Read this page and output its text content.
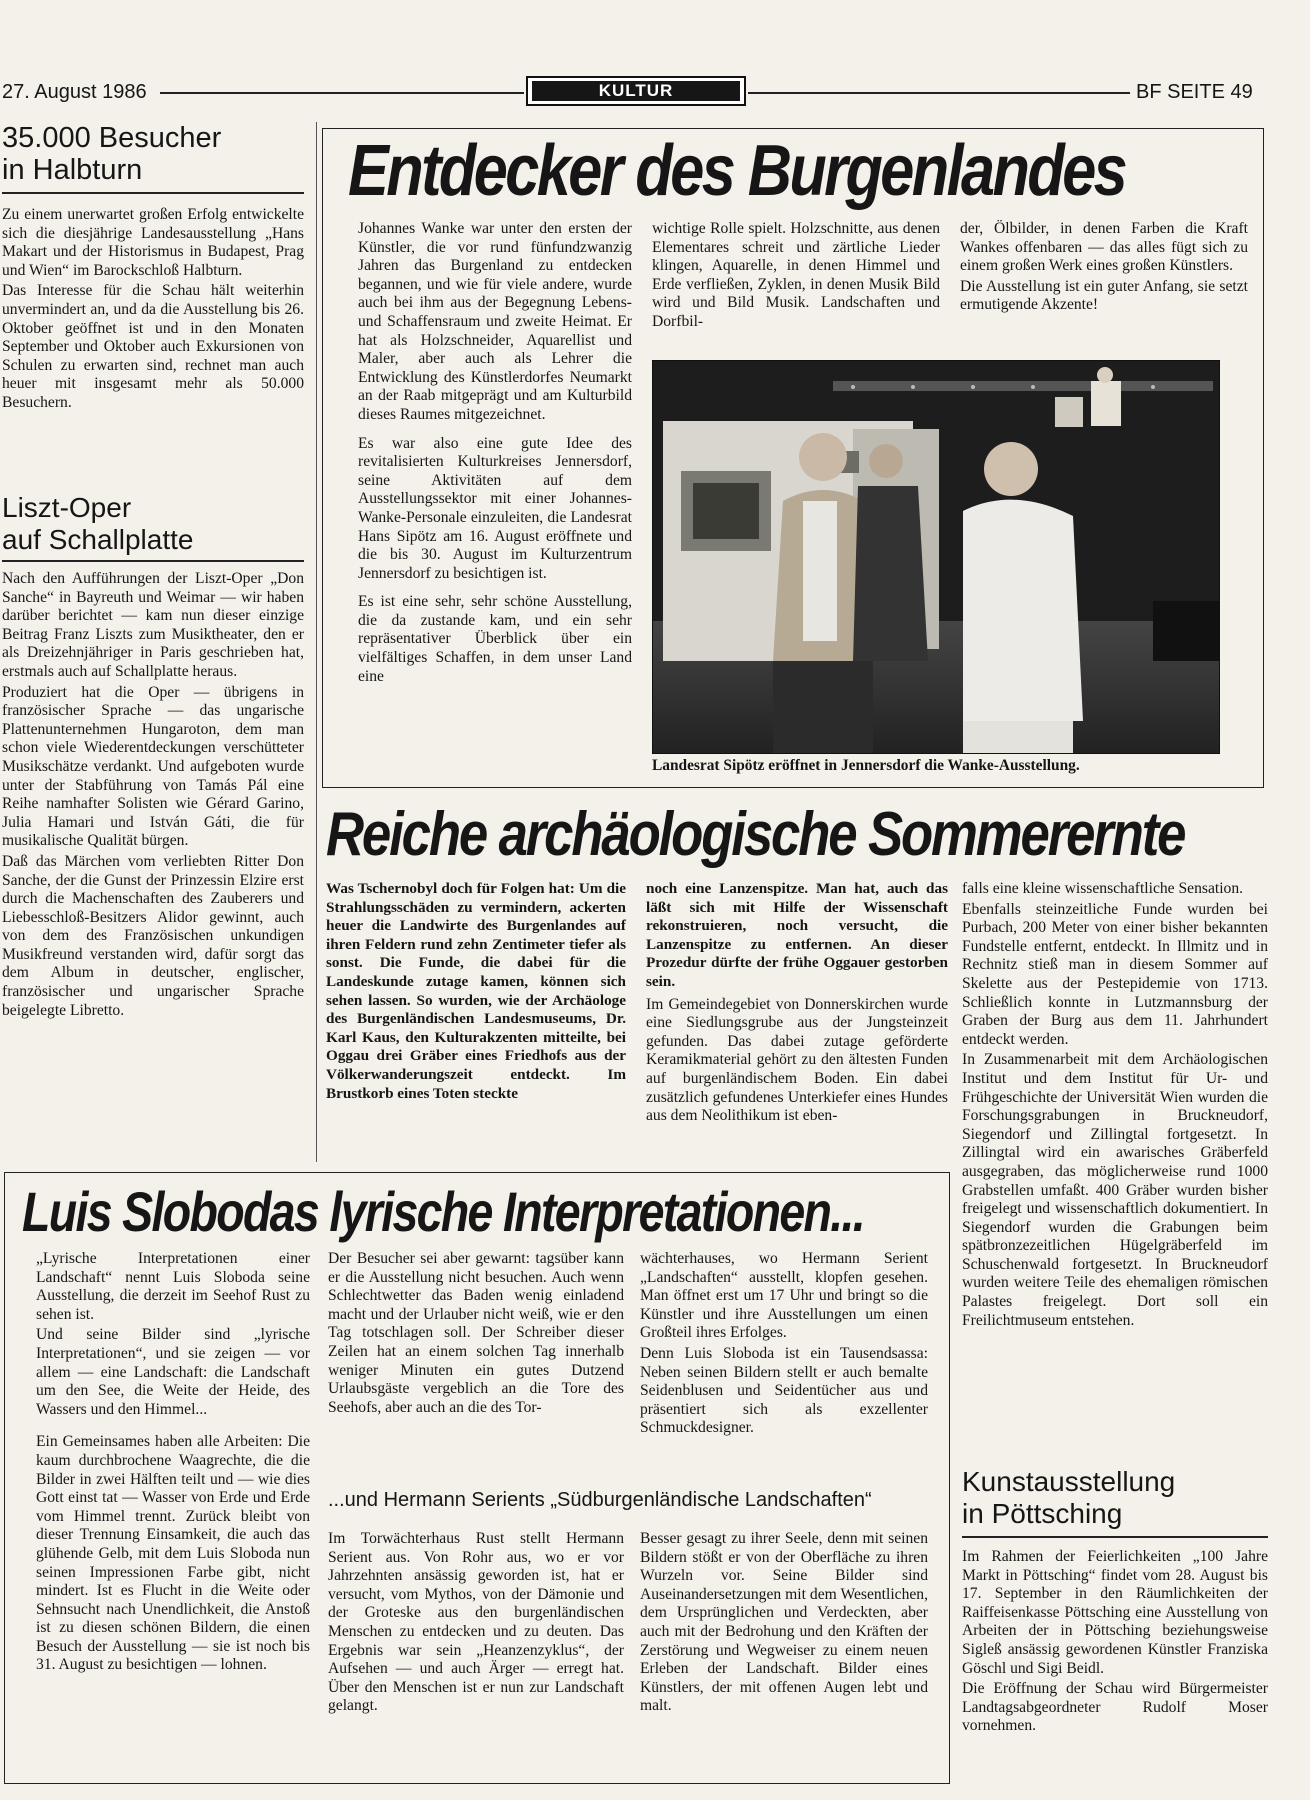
27. August 1986	KULTUR	BF SEITE 49
35.000 Besucher
in Halbturn

Zu einem unerwartet großen Erfolg entwickelte sich die diesjährige Landesausstellung „Hans Makart und der Historismus in Budapest, Prag und Wien“ im Barockschloß Halbturn.

Das Interesse für die Schau hält weiterhin unvermindert an, und da die Ausstellung bis 26. Oktober geöffnet ist und in den Monaten September und Oktober auch Exkursionen von Schulen zu erwarten sind, rechnet man auch heuer mit insgesamt mehr als 50.000 Besuchern.

Liszt-Oper
auf Schallplatte

Nach den Aufführungen der Liszt-Oper „Don Sanche“ in Bayreuth und Weimar — wir haben darüber berichtet — kam nun dieser einzige Beitrag Franz Liszts zum Musiktheater, den er als Dreizehnjähriger in Paris geschrieben hat, erstmals auch auf Schallplatte heraus.

Produziert hat die Oper — übrigens in französischer Sprache — das ungarische Plattenunternehmen Hungaroton, dem man schon viele Wiederentdeckungen verschütteter Musikschätze verdankt. Und aufgeboten wurde unter der Stabführung von Tamás Pál eine Reihe namhafter Solisten wie Gérard Garino, Julia Hamari und István Gáti, die für musikalische Qualität bürgen.

Daß das Märchen vom verliebten Ritter Don Sanche, der die Gunst der Prinzessin Elzire erst durch die Machenschaften des Zauberers und Liebesschloß-Besitzers Alidor gewinnt, auch von dem des Französischen unkundigen Musikfreund verstanden wird, dafür sorgt das dem Album in deutscher, englischer, französischer und ungarischer Sprache beigelegte Libretto.

Entdecker des Burgenlandes

Johannes Wanke war unter den ersten der Künstler, die vor rund fünfundzwanzig Jahren das Burgenland zu entdecken begannen, und wie für viele andere, wurde auch bei ihm aus der Begegnung Lebens- und Schaffensraum und zweite Heimat. Er hat als Holzschneider, Aquarellist und Maler, aber auch als Lehrer die Entwicklung des Künstlerdorfes Neumarkt an der Raab mitgeprägt und am Kulturbild dieses Raumes mitgezeichnet.

Es war also eine gute Idee des revitalisierten Kulturkreises Jennersdorf, seine Aktivitäten auf dem Ausstellungssektor mit einer Johannes-Wanke-Personale einzuleiten, die Landesrat Hans Sipötz am 16. August eröffnete und die bis 30. August im Kulturzentrum Jennersdorf zu besichtigen ist.

Es ist eine sehr, sehr schöne Ausstellung, die da zustande kam, und ein sehr repräsentativer Überblick über ein vielfältiges Schaffen, in dem unser Land eine

wichtige Rolle spielt. Holzschnitte, aus denen Elementares schreit und zärtliche Lieder klingen, Aquarelle, in denen Himmel und Erde verfließen, Zyklen, in denen Musik Bild wird und Bild Musik. Landschaften und Dorfbil-

der, Ölbilder, in denen Farben die Kraft Wankes offenbaren — das alles fügt sich zu einem großen Werk eines großen Künstlers.

Die Ausstellung ist ein guter Anfang, sie setzt ermutigende Akzente!

Landesrat Sipötz eröffnet in Jennersdorf die Wanke-Ausstellung.
Reiche archäologische Sommerernte

Was Tschernobyl doch für Folgen hat: Um die Strahlungsschäden zu vermindern, ackerten heuer die Landwirte des Burgenlandes auf ihren Feldern rund zehn Zentimeter tiefer als sonst. Die Funde, die dabei für die Landeskunde zutage kamen, können sich sehen lassen. So wurden, wie der Archäologe des Burgenländischen Landesmuseums, Dr. Karl Kaus, den Kulturakzenten mitteilte, bei Oggau drei Gräber eines Friedhofs aus der Völkerwanderungszeit entdeckt. Im Brustkorb eines Toten steckte

noch eine Lanzenspitze. Man hat, auch das läßt sich mit Hilfe der Wissenschaft rekonstruieren, noch versucht, die Lanzenspitze zu entfernen. An dieser Prozedur dürfte der frühe Oggauer gestorben sein.

Im Gemeindegebiet von Donnerskirchen wurde eine Siedlungsgrube aus der Jungsteinzeit gefunden. Das dabei zutage geförderte Keramikmaterial gehört zu den ältesten Funden auf burgenländischem Boden. Ein dabei zusätzlich gefundenes Unterkiefer eines Hundes aus dem Neolithikum ist eben-

falls eine kleine wissenschaftliche Sensation.

Ebenfalls steinzeitliche Funde wurden bei Purbach, 200 Meter von einer bisher bekannten Fundstelle entfernt, entdeckt. In Illmitz und in Rechnitz stieß man in diesem Sommer auf Skelette aus der Pestepidemie von 1713. Schließlich konnte in Lutzmannsburg der Graben der Burg aus dem 11. Jahrhundert entdeckt werden.

In Zusammenarbeit mit dem Archäologischen Institut und dem Institut für Ur- und Frühgeschichte der Universität Wien wurden die Forschungsgrabungen in Bruckneudorf, Siegendorf und Zillingtal fortgesetzt. In Zillingtal wird ein awarisches Gräberfeld ausgegraben, das möglicherweise rund 1000 Grabstellen umfaßt. 400 Gräber wurden bisher freigelegt und wissenschaftlich dokumentiert. In Siegendorf wurden die Grabungen beim spätbronzezeitlichen Hügelgräberfeld im Schuschenwald fortgesetzt. In Bruckneudorf wurden weitere Teile des ehemaligen römischen Palastes freigelegt. Dort soll ein Freilichtmuseum entstehen.

Luis Slobodas lyrische Interpretationen...

„Lyrische Interpretationen einer Landschaft“ nennt Luis Sloboda seine Ausstellung, die derzeit im Seehof Rust zu sehen ist.

Und seine Bilder sind „lyrische Interpretationen“, und sie zeigen — vor allem — eine Landschaft: die Landschaft um den See, die Weite der Heide, des Wassers und den Himmel...

Ein Gemeinsames haben alle Arbeiten: Die kaum durchbrochene Waagrechte, die die Bilder in zwei Hälften teilt und — wie dies Gott einst tat — Wasser von Erde und Erde vom Himmel trennt. Zurück bleibt von dieser Trennung Einsamkeit, die auch das glühende Gelb, mit dem Luis Sloboda nun seinen Impressionen Farbe gibt, nicht mindert. Ist es Flucht in die Weite oder Sehnsucht nach Unendlichkeit, die Anstoß ist zu diesen schönen Bildern, die einen Besuch der Ausstellung — sie ist noch bis 31. August zu besichtigen — lohnen.

Der Besucher sei aber gewarnt: tagsüber kann er die Ausstellung nicht besuchen. Auch wenn Schlechtwetter das Baden wenig einladend macht und der Urlauber nicht weiß, wie er den Tag totschlagen soll. Der Schreiber dieser Zeilen hat an einem solchen Tag innerhalb weniger Minuten ein gutes Dutzend Urlaubsgäste vergeblich an die Tore des Seehofs, aber auch an die des Tor-

wächterhauses, wo Hermann Serient „Landschaften“ ausstellt, klopfen gesehen. Man öffnet erst um 17 Uhr und bringt so die Künstler und ihre Ausstellungen um einen Großteil ihres Erfolges.

Denn Luis Sloboda ist ein Tausendsassa: Neben seinen Bildern stellt er auch bemalte Seidenblusen und Seidentücher aus und präsentiert sich als exzellenter Schmuckdesigner.

...und Hermann Serients „Südburgenländische Landschaften“

Im Torwächterhaus Rust stellt Hermann Serient aus. Von Rohr aus, wo er vor Jahrzehnten ansässig geworden ist, hat er versucht, vom Mythos, von der Dämonie und der Groteske aus den burgenländischen Menschen zu entdecken und zu deuten. Das Ergebnis war sein „Heanzenzyklus“, der Aufsehen — und auch Ärger — erregt hat. Über den Menschen ist er nun zur Landschaft gelangt.

Besser gesagt zu ihrer Seele, denn mit seinen Bildern stößt er von der Oberfläche zu ihren Wurzeln vor. Seine Bilder sind Auseinandersetzungen mit dem Wesentlichen, dem Ursprünglichen und Verdeckten, aber auch mit der Bedrohung und den Kräften der Zerstörung und Wegweiser zu einem neuen Erleben der Landschaft. Bilder eines Künstlers, der mit offenen Augen lebt und malt.

Kunstausstellung
in Pöttsching

Im Rahmen der Feierlichkeiten „100 Jahre Markt in Pöttsching“ findet vom 28. August bis 17. September in den Räumlichkeiten der Raiffeisenkasse Pöttsching eine Ausstellung von Arbeiten der in Pöttsching beziehungsweise Sigleß ansässig gewordenen Künstler Franziska Göschl und Sigi Beidl.

Die Eröffnung der Schau wird Bürgermeister Landtagsabgeordneter Rudolf Moser vornehmen.
